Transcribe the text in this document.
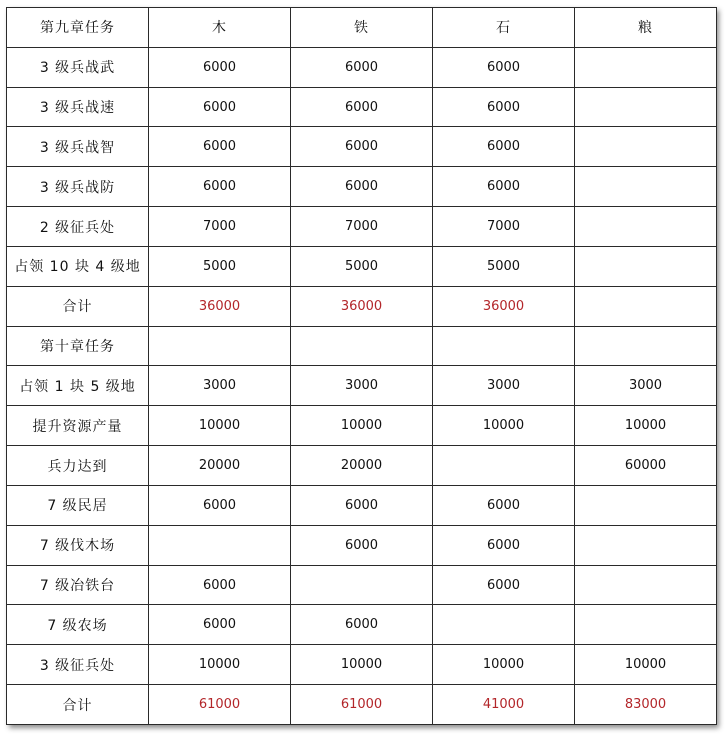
第九章任务	木	铁	石	粮
3 级兵战武	6000	6000	6000	
3 级兵战速	6000	6000	6000	
3 级兵战智	6000	6000	6000	
3 级兵战防	6000	6000	6000	
2 级征兵处	7000	7000	7000	
占领 10 块 4 级地	5000	5000	5000	
合计	36000	36000	36000	
第十章任务				
占领 1 块 5 级地	3000	3000	3000	3000
提升资源产量	10000	10000	10000	10000
兵力达到	20000	20000		60000
7 级民居	6000	6000	6000	
7 级伐木场		6000	6000	
7 级冶铁台	6000		6000	
7 级农场	6000	6000		
3 级征兵处	10000	10000	10000	10000
合计	61000	61000	41000	83000
